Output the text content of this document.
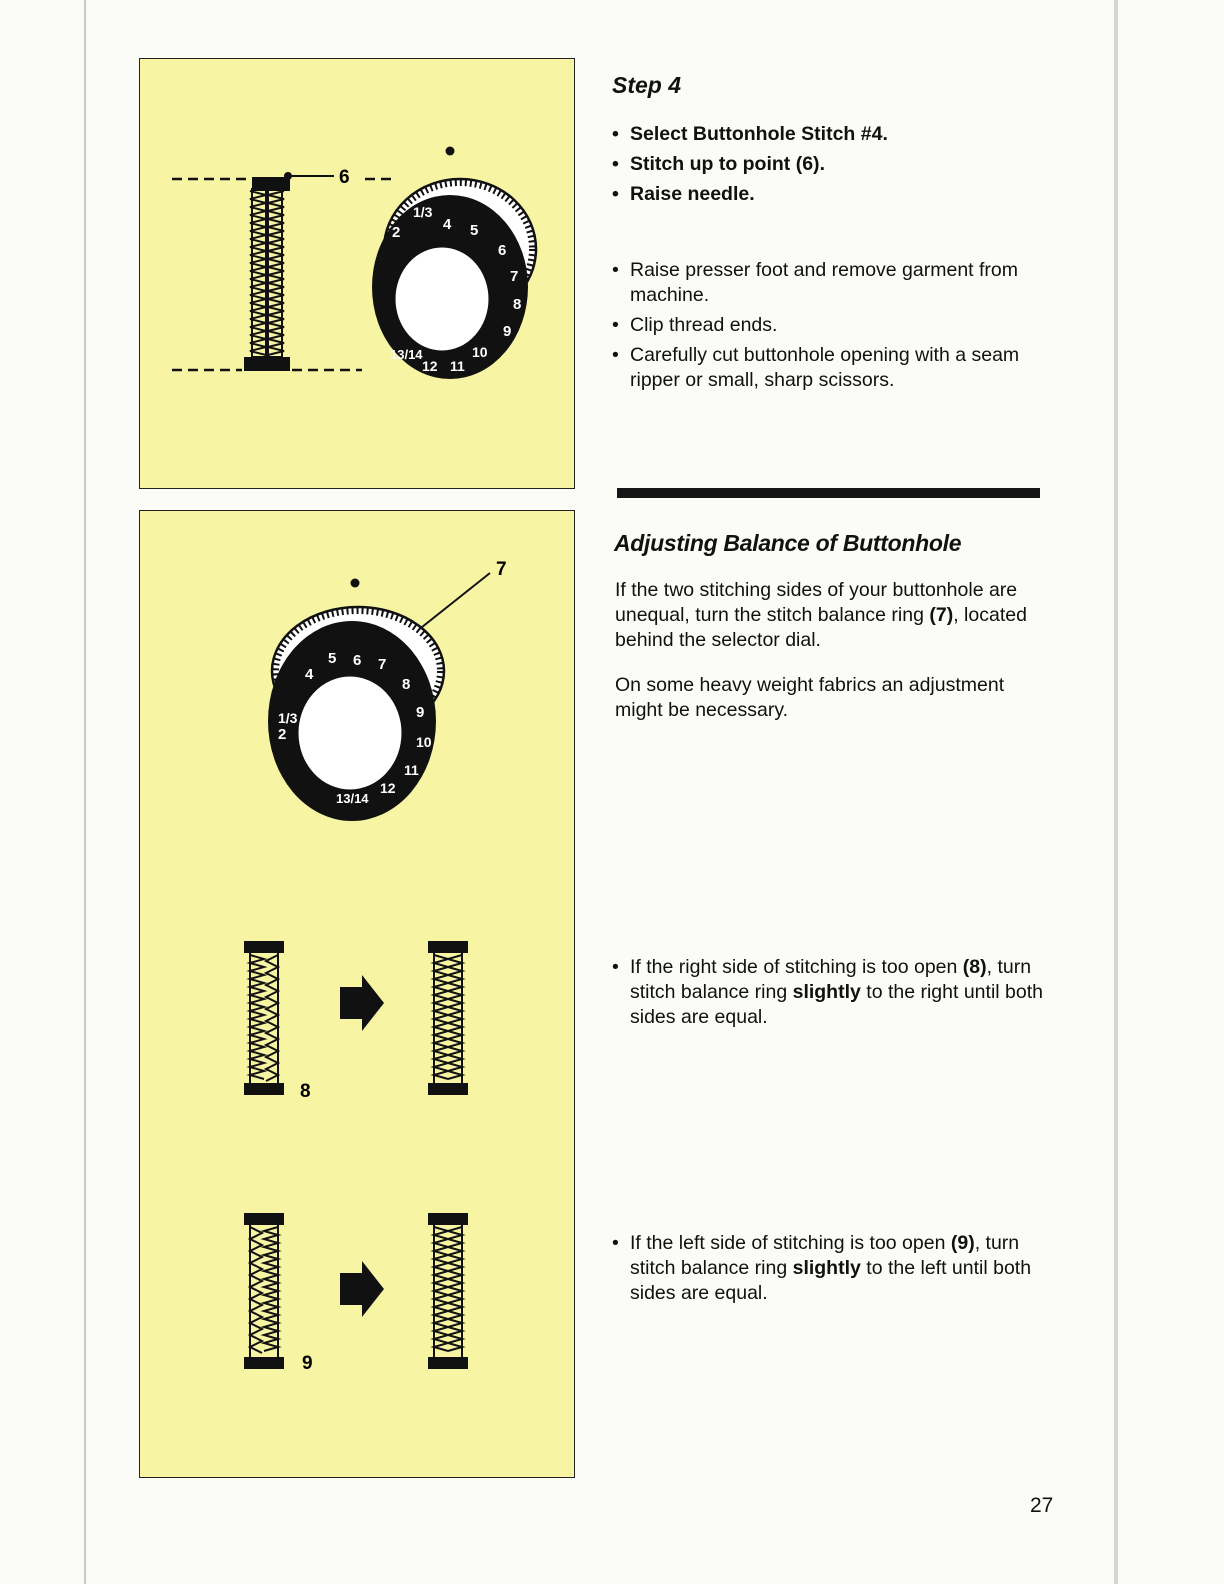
6
1/3
4 5
6
7
8
9
2
10
11
12
13/14
7
4
5 6 7
8
9
10
11
12
13/14
1/3
2
8
9
Step 4
• Select Buttonhole Stitch #4.
• Stitch up to point (6).
• Raise needle.
• Raise presser foot and remove garment from machine.
• Clip thread ends.
• Carefully cut buttonhole opening with a seam ripper or small, sharp scissors.
Adjusting Balance of Buttonhole

If the two stitching sides of your buttonhole are unequal, turn the stitch balance ring (7), located behind the selector dial.

On some heavy weight fabrics an adjustment might be necessary.

• If the right side of stitching is too open (8), turn stitch balance ring slightly to the right until both sides are equal.
• If the left side of stitching is too open (9), turn stitch balance ring slightly to the left until both sides are equal.
27
